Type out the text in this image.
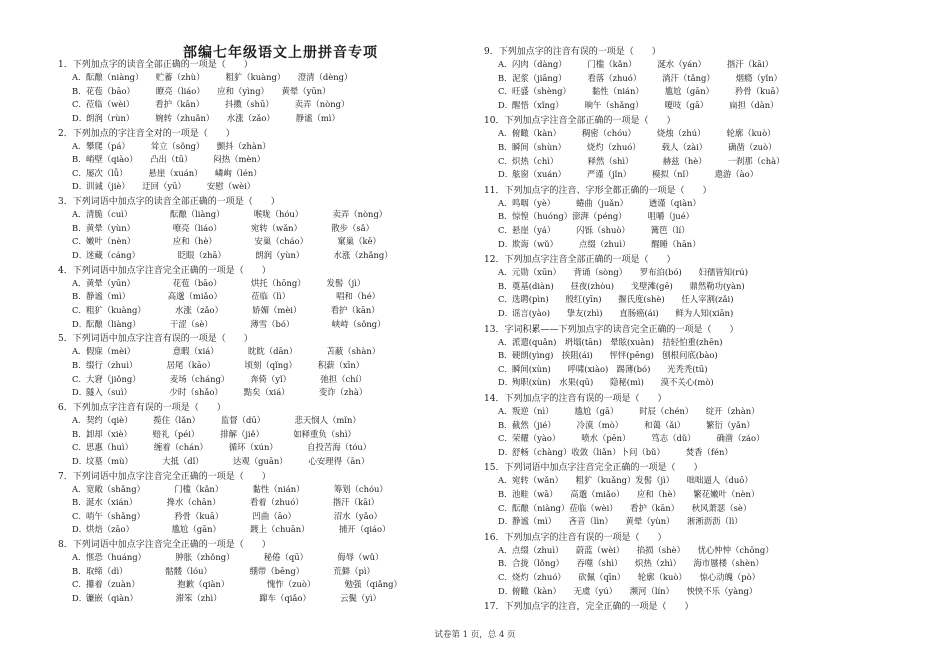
部编七年级语文上册拼音专项
1．下列加点字的读音全部正确的一项是（　　）
A．酝酿（niàng）　　贮蓄（zhù）　　　粗犷（kuàng）　　澄清（dèng）
B．花苞（bāo）　　　瞭亮（liáo）　　应和（yìng）　　黄晕（yūn）
C．莅临（wèi）　　　看护（kān）　　　抖擞（shū）　　　卖弄（nòng）
D．朗润（rùn）　　　婉转（zhuǎn）　　水涨（zǎo）　　　静谧（mì）
2．下列加点的字注音全对的一项是（　　）
A．攀爬（pá）　　　耸立（sǒng）　　颤抖（zhàn）
B．峭壁（qiào）　　凸出（tū）　　　闷热（mèn）
C．屡次（lǚ）　　　悬崖（xuán）　　嶙峋（lén）
D．训诫（jiè）　　迂回（yū）　　　安慰（wèi）
3．下列词语中加点字的读音全部正确的一项是（　　）
A．清脆（cuì）　　　　　酝酿（liàng）　　　　喉咙（hóu）　　　　卖弄（nòng）
B．黄晕（yùn）　　　　　嘹亮（liáo）　　　　宛转（wǎn）　　　　散步（sǎ）
C．嫩叶（nèn）　　　　　应和（hè）　　　　　安巢（cháo）　　　　窠巢（kē）
D．迷藏（cáng）　　　　　眨眼（zhā）　　　　朗润（yùn）　　　　水涨（zhǎng）
4．下列词语中加点字注音完全正确的一项是（　　）
A．黄晕（yūn）　　　　　花苞（bāo）　　　　烘托（hōng）　　　发髻（jì）
B．静谧（mì）　　　　　高邈（miǎo）　　　　莅临（lì）　　　　　　唱和（hé）
C．粗犷（kuàng）　　　　水涨（zǎo）　　　　娇媚（mèi）　　　　看护（kān）
D．酝酿（liàng）　　　　干涩（sè）　　　　　薄雪（bó）　　　　　峡峙（sǒng）
5．下列词语中加点字注音有误的一项是（　　）
A．假寐（mèi）　　　　　意暇（xiá）　　　　眈眈（dān）　　　　苫蔽（shàn）
B．缀行（zhuì）　　　　居尾（kāo）　　　　顷刻（qǐng）　　　积薪（xīn）
C．大窘（jiǒng）　　　　麦场（cháng）　　　奔倚（yǐ）　　　　弛担（chí）
D．隧入（suì）　　　　　少时（shǎo）　　　黠矣（xiá）　　　　变诈（zhà）
6．下列加点字注音有误的一项是（　　）
A．契约（qiè）　　　揽住（lǎn）　　　监督（dū）　　　　悲天悯人（mǐn）
B．卸却（xiè）　　　赔礼（péi）　　　排解（jiě）　　　　如释重负（shì）
C．思惠（huì）　　　缠着（chán）　　　循环（xún）　　　　自投苦海（tóu）
D．坟墓（mù）　　　　大抵（dǐ）　　　　达观（guān）　　　心安理得（ān）
7．下列词语中加点字注音完全正确的一项是（　　）
A．宽敞（shǎng）　　　　门槛（kǎn）　　　　黏性（nián）　　　　筹划（chóu）
B．涎水（xián）　　　　搀水（chān）　　　　看着（zhuó）　　　　揩汗（kāi）
C．哨午（shǎng）　　　　矜骨（kuā）　　　　凹曲（āo）　　　　　沼水（yǎo）
D．烘焙（zāo）　　　　　尴尬（gān）　　　　踱上（chuān）　　　　捕开（qiáo）
8．下列词语中加点字注音完全正确的一项是（　　）
A．惬恐（huáng）　　　　肿胀（zhǒng）　　　　秘倦（qū）　　　　侮辱（wǔ）
B．取缔（dì）　　　　　骷髅（lóu）　　　　　绷带（bēng）　　　　荒僻（pì）
C．攥着（zuàn）　　　　　抱歉（qiàn）　　　　　愧怍（zuò）　　　　勉强（qiǎng）
D．镰嵌（qiàn）　　　　　滞笨（zhì）　　　　　蹿车（qiǎo）　　　　云鬓（yì）
9．下列加点字的注音有误的一项是（　　）
A．闪肉（dàng）　　　门槛（kǎn）　　　涎水（yán）　　　揩汗（kāi）
B．泥浆（jiāng）　　　看落（zhuó）　　　淌汗（tǎng）　　　烟瘾（yǐn）
C．旺盛（shèng）　　　黏性（nián）　　　尴尬（gān）　　　矜骨（kuā）
D．醒悟（xǐng）　　　晌午（shǎng）　　　嗄吱（gā）　　　扁担（dàn）
10．下列加点字注音全部正确的一项是（　　）
A．俯瞰（kàn）　　　稠密（chóu）　　　烧烛（zhú）　　　轮廓（kuò）
B．瞬间（shùn）　　　烧灼（zhuó）　　　载人（zài）　　　确凿（zuò）
C．炽热（chì）　　　　释然（shì）　　　　赫兹（hè）　　　一刹那（chà）
D．舷窗（xuán）　　　严谨（jǐn）　　　模拟（nǐ）　　　遨游（ào）
11．下列加点字的注音、字形全都正确的一项是（　　）
A．鸣咽（yè）　　　蜷曲（juǎn）　　　遒谨（qiàn）
B．惊惶（huóng）澎湃（péng）　　　咀嚼（jué）
C．悬崖（yá）　　　闪铄（shuò）　　　篝笆（lí）
D．欺诲（wǔ）　　　点缀（zhuì）　　　醒睡（hān）
12．下列加点字注音全部正确的一项是（　　）
A．元勋（xūn）　　背诵（sòng）　　罗布泊(bó)　　妇孺皆知(rú)
B．奠基(diàn)　　昼夜(zhòu)　　戈壁滩(gē)　　鼎然勒功(yàn)
C．选聘(pìn)　　殷红(yīn)　　揠氏度(shè)　　任人宰割(zǎi)
D．谣言(yào)　　挚友(zhì)　　直肠癌(ái)　　鲜为人知(xiān)
13．字词积累——下列加点字的读音完全正确的一项是（　　）
A．派遣(quǎn)　坍塌(tān)　晕眩(xuàn)　拮轻怕重(zhēn)
B．硬朗(yìng)　挨阻(ái)　　怦怦(pēng)　刨根问底(bào)
C．瞬间(xùn)　　呼啸(xiào)　踢薄(bó)　　光秃秃(tū)
D．殉职(xùn)　水果(qū)　　隐秘(mì)　　漠不关心(mò)
14．下列加点字的注音有误的一项是（　　）
A．叛逆（nì）　　　尴尬（gā）　　　时辰（chén）　　绽开（zhàn）
B．截然（jié）　　　冷漠（mò）　　　和蔼（ǎi）　　　繁衍（yǎn）
C．荣耀（yào）　　　喷水（pēn）　　　笃志（dǔ）　　　确凿（záo）
D．舒畅（chàng）收敛（liǎn）卜问（bǔ）　　　焚香（fén）
15．下列词语中加点字注音完全正确的一项是（　　）
A．宛转（wǎn）　　粗犷（kuǎng）发髻（jì）　　咄咄逼人（duō）
B．池畦（wā）　　高邈（miǎo）　　应和（hè）　　繁花嫩叶（nèn）
C．酝酿（niàng）莅临（wèi）　　看护（kān）　　秋风萧瑟（sè）
D．静谧（mì）　　吝音（lìn）　　黄晕（yùn）　　淅淅沥沥（lì）
16．下列加点字的注音有误的一项是（　　）
A．点缀（zhuì）　　蔚蓝（wèi）　　掐损（shè）　　忧心忡忡（chōng）
B．合拢（lǒng）　　吞噬（shì）　　炽热（zhì）　　海市蜃楼（shèn）
C．烧灼（zhuó）　　砍佩（qīn）　　轮廓（kuò）　　惊心动魄（pò）
D．俯瞰（kàn）　　无虞（yú）　　濒河（lín）　　怏怏不乐（yàng）
17．下列加点字的注音，完全正确的一项是（　　）
试卷第 1 页，总 4 页
